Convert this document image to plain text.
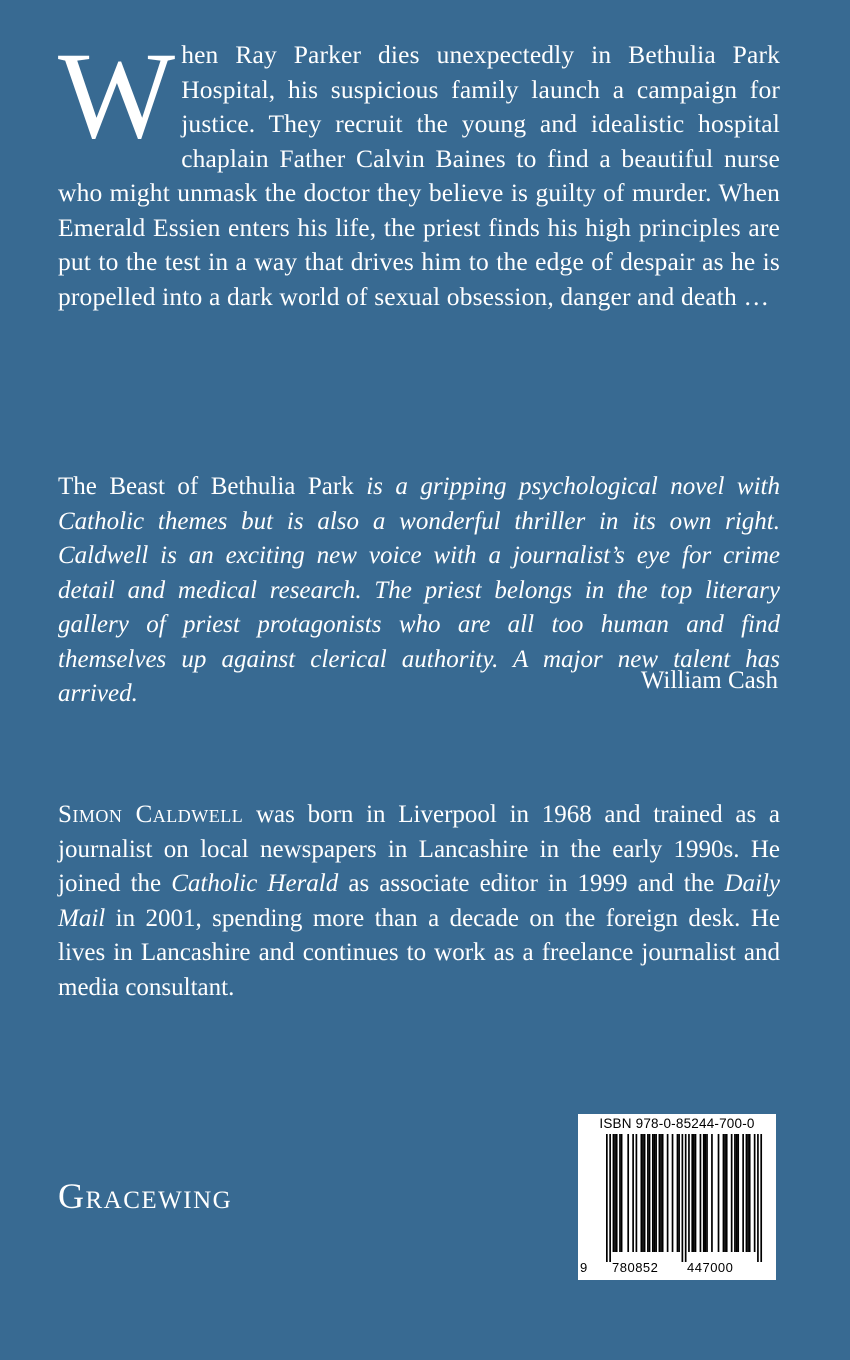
When Ray Parker dies unexpectedly in Bethulia Park Hospital, his suspicious family launch a campaign for justice. They recruit the young and idealistic hospital chaplain Father Calvin Baines to find a beautiful nurse who might unmask the doctor they believe is guilty of murder. When Emerald Essien enters his life, the priest finds his high principles are put to the test in a way that drives him to the edge of despair as he is propelled into a dark world of sexual obsession, danger and death …
The Beast of Bethulia Park is a gripping psychological novel with Catholic themes but is also a wonderful thriller in its own right. Caldwell is an exciting new voice with a journalist’s eye for crime detail and medical research. The priest belongs in the top literary gallery of priest protagonists who are all too human and find themselves up against clerical authority. A major new talent has arrived.	William Cash
Simon Caldwell was born in Liverpool in 1968 and trained as a journalist on local newspapers in Lancashire in the early 1990s. He joined the Catholic Herald as associate editor in 1999 and the Daily Mail in 2001, spending more than a decade on the foreign desk. He lives in Lancashire and continues to work as a freelance journalist and media consultant.
Gracewing
ISBN 978-0-85244-700-0
9 780852 447000
